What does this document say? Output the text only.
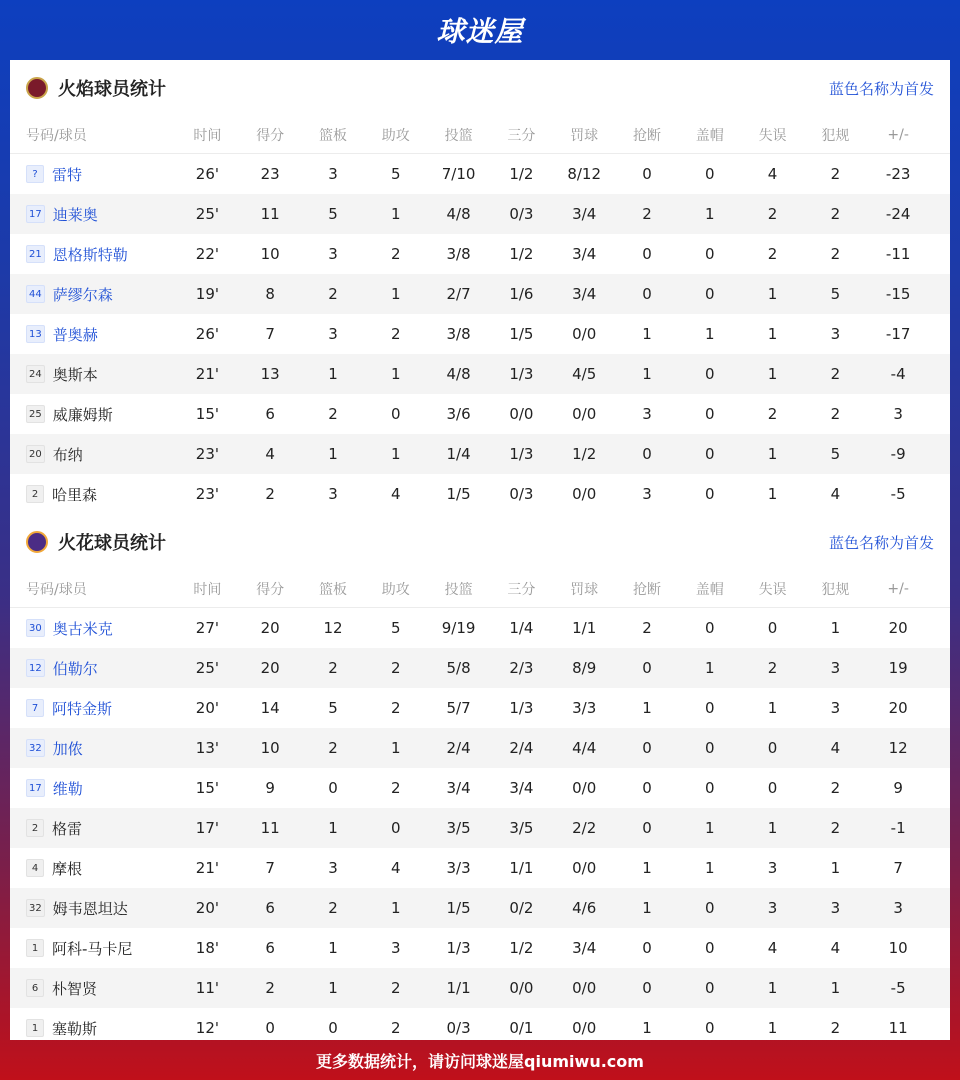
球迷屋
火焰球员统计	蓝色名称为首发
号码/球员	时间	得分	篮板	助攻	投篮	三分	罚球	抢断	盖帽	失误	犯规	+/-
? 雷特	26'	23	3	5	7/10	1/2	8/12	0	0	4	2	-23
17 迪莱奥	25'	11	5	1	4/8	0/3	3/4	2	1	2	2	-24
21 恩格斯特勒	22'	10	3	2	3/8	1/2	3/4	0	0	2	2	-11
44 萨缪尔森	19'	8	2	1	2/7	1/6	3/4	0	0	1	5	-15
13 普奥赫	26'	7	3	2	3/8	1/5	0/0	1	1	1	3	-17
24 奥斯本	21'	13	1	1	4/8	1/3	4/5	1	0	1	2	-4
25 威廉姆斯	15'	6	2	0	3/6	0/0	0/0	3	0	2	2	3
20 布纳	23'	4	1	1	1/4	1/3	1/2	0	0	1	5	-9
2 哈里森	23'	2	3	4	1/5	0/3	0/0	3	0	1	4	-5
火花球员统计	蓝色名称为首发
号码/球员	时间	得分	篮板	助攻	投篮	三分	罚球	抢断	盖帽	失误	犯规	+/-
30 奥古米克	27'	20	12	5	9/19	1/4	1/1	2	0	0	1	20
12 伯勒尔	25'	20	2	2	5/8	2/3	8/9	0	1	2	3	19
7 阿特金斯	20'	14	5	2	5/7	1/3	3/3	1	0	1	3	20
32 加侬	13'	10	2	1	2/4	2/4	4/4	0	0	0	4	12
17 维勒	15'	9	0	2	3/4	3/4	0/0	0	0	0	2	9
2 格雷	17'	11	1	0	3/5	3/5	2/2	0	1	1	2	-1
4 摩根	21'	7	3	4	3/3	1/1	0/0	1	1	3	1	7
32 姆韦恩坦达	20'	6	2	1	1/5	0/2	4/6	1	0	3	3	3
1 阿科-马卡尼	18'	6	1	3	1/3	1/2	3/4	0	0	4	4	10
6 朴智贤	11'	2	1	2	1/1	0/0	0/0	0	0	1	1	-5
1 塞勒斯	12'	0	0	2	0/3	0/1	0/0	1	0	1	2	11
更多数据统计，请访问球迷屋qiumiwu.com
